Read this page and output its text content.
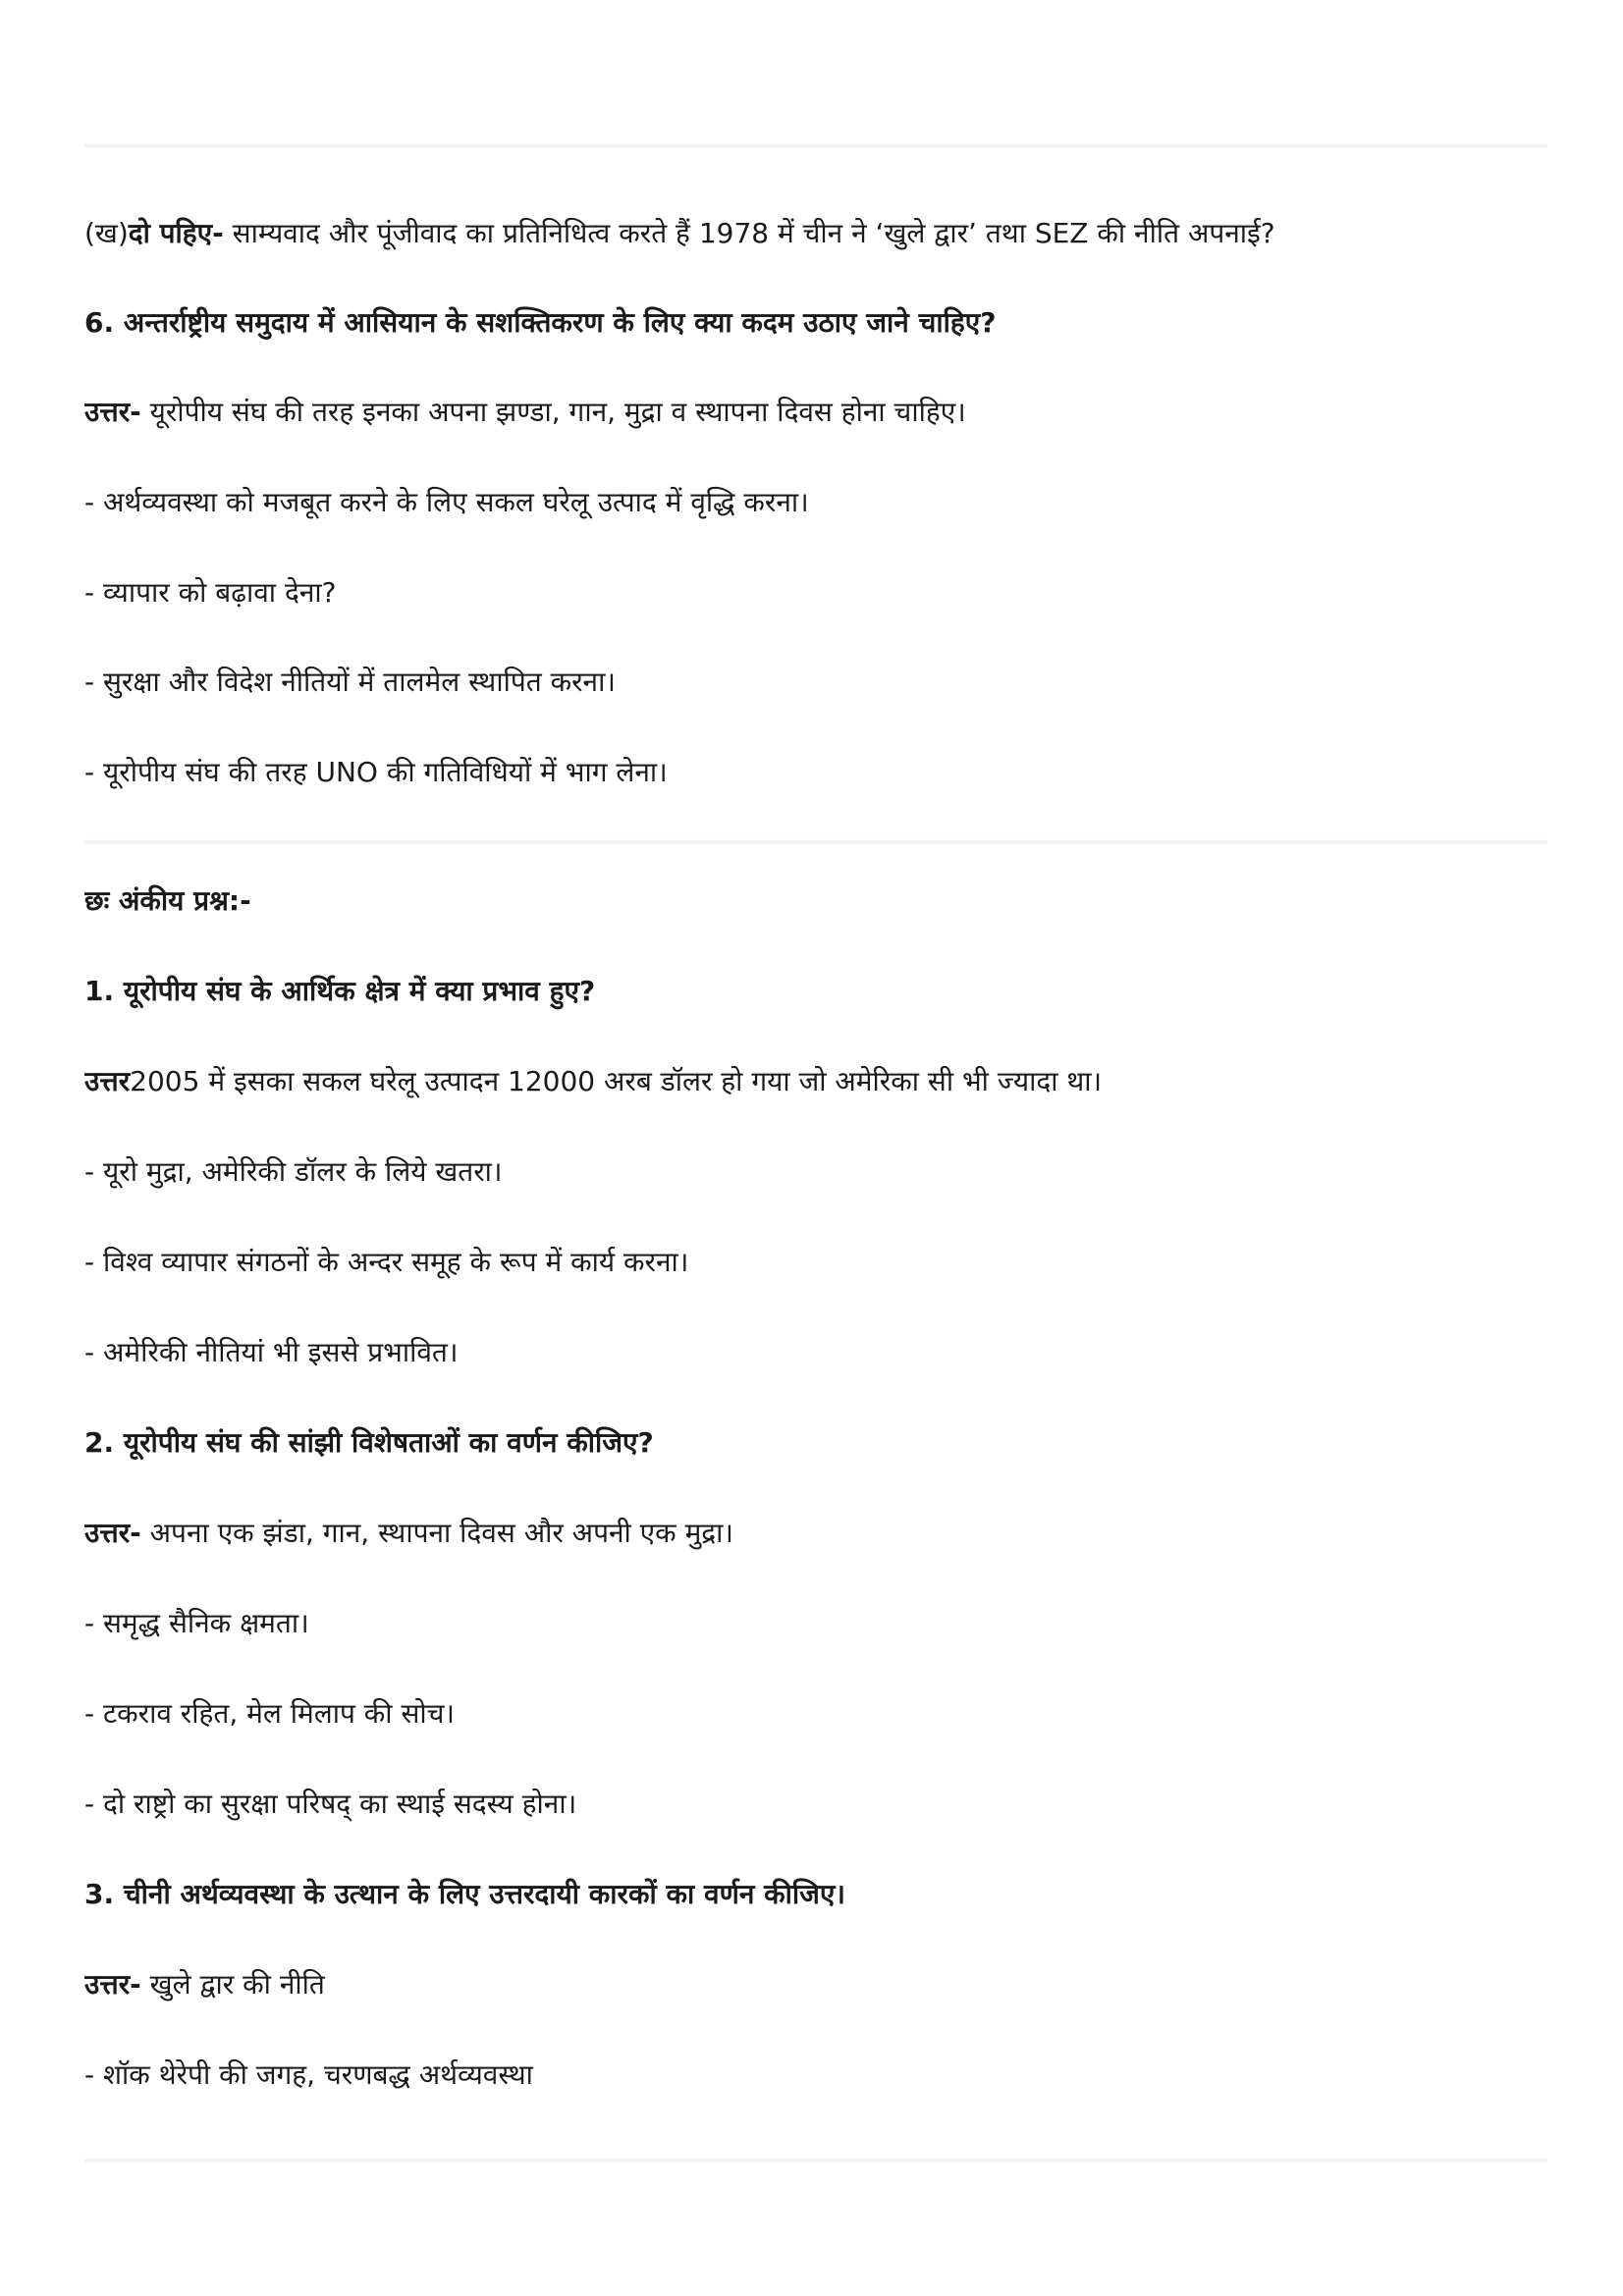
(ख)दो पहिए- साम्यवाद और पूंजीवाद का प्रतिनिधित्व करते हैं 1978 में चीन ने ‘खुले द्वार’ तथा SEZ की नीति अपनाई?
6. अन्तर्राष्ट्रीय समुदाय में आसियान के सशक्तिकरण के लिए क्या कदम उठाए जाने चाहिए?
उत्तर- यूरोपीय संघ की तरह इनका अपना झण्डा, गान, मुद्रा व स्थापना दिवस होना चाहिए।
- अर्थव्यवस्था को मजबूत करने के लिए सकल घरेलू उत्पाद में वृद्धि करना।
- व्यापार को बढ़ावा देना?
- सुरक्षा और विदेश नीतियों में तालमेल स्थापित करना।
- यूरोपीय संघ की तरह UNO की गतिविधियों में भाग लेना।
छः अंकीय प्रश्न:-
1. यूरोपीय संघ के आर्थिक क्षेत्र में क्या प्रभाव हुए?
उत्तर2005 में इसका सकल घरेलू उत्पादन 12000 अरब डॉलर हो गया जो अमेरिका सी भी ज्यादा था।
- यूरो मुद्रा, अमेरिकी डॉलर के लिये खतरा।
- विश्व व्यापार संगठनों के अन्दर समूह के रूप में कार्य करना।
- अमेरिकी नीतियां भी इससे प्रभावित।
2. यूरोपीय संघ की सांझी विशेषताओं का वर्णन कीजिए?
उत्तर- अपना एक झंडा, गान, स्थापना दिवस और अपनी एक मुद्रा।
- समृद्ध सैनिक क्षमता।
- टकराव रहित, मेल मिलाप की सोच।
- दो राष्ट्रो का सुरक्षा परिषद् का स्थाई सदस्य होना।
3. चीनी अर्थव्यवस्था के उत्थान के लिए उत्तरदायी कारकों का वर्णन कीजिए।
उत्तर- खुले द्वार की नीति
- शॉक थेरेपी की जगह, चरणबद्ध अर्थव्यवस्था
